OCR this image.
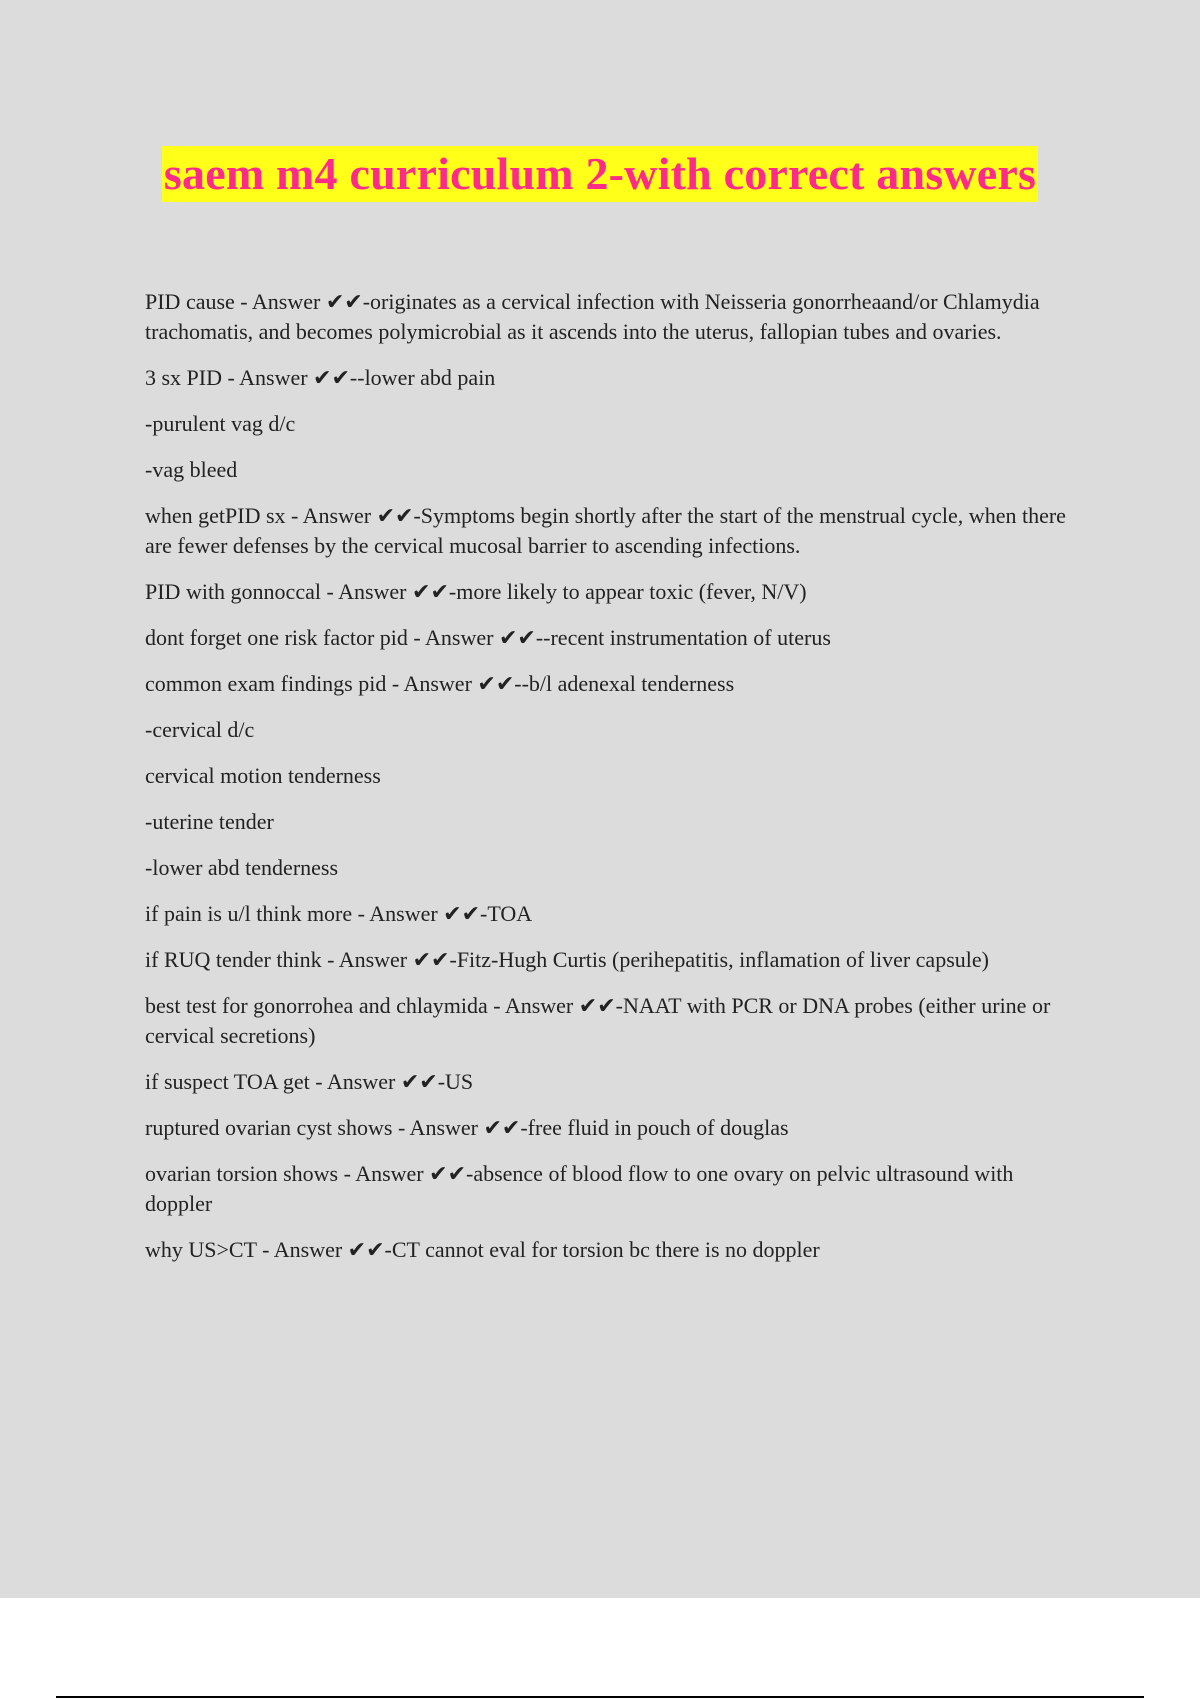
saem m4 curriculum 2-with correct answers

PID cause - Answer ✔✔-originates as a cervical infection with Neisseria gonorrheaand/or Chlamydia trachomatis, and becomes polymicrobial as it ascends into the uterus, fallopian tubes and ovaries.

3 sx PID - Answer ✔✔--lower abd pain

-purulent vag d/c

-vag bleed

when getPID sx - Answer ✔✔-Symptoms begin shortly after the start of the menstrual cycle, when there are fewer defenses by the cervical mucosal barrier to ascending infections.

PID with gonnoccal - Answer ✔✔-more likely to appear toxic (fever, N/V)

dont forget one risk factor pid - Answer ✔✔--recent instrumentation of uterus

common exam findings pid - Answer ✔✔--b/l adenexal tenderness

-cervical d/c

cervical motion tenderness

-uterine tender

-lower abd tenderness

if pain is u/l think more - Answer ✔✔-TOA

if RUQ tender think - Answer ✔✔-Fitz-Hugh Curtis (perihepatitis, inflamation of liver capsule)

best test for gonorrohea and chlaymida - Answer ✔✔-NAAT with PCR or DNA probes (either urine or cervical secretions)

if suspect TOA get - Answer ✔✔-US

ruptured ovarian cyst shows - Answer ✔✔-free fluid in pouch of douglas

ovarian torsion shows - Answer ✔✔-absence of blood flow to one ovary on pelvic ultrasound with doppler

why US>CT - Answer ✔✔-CT cannot eval for torsion bc there is no doppler
